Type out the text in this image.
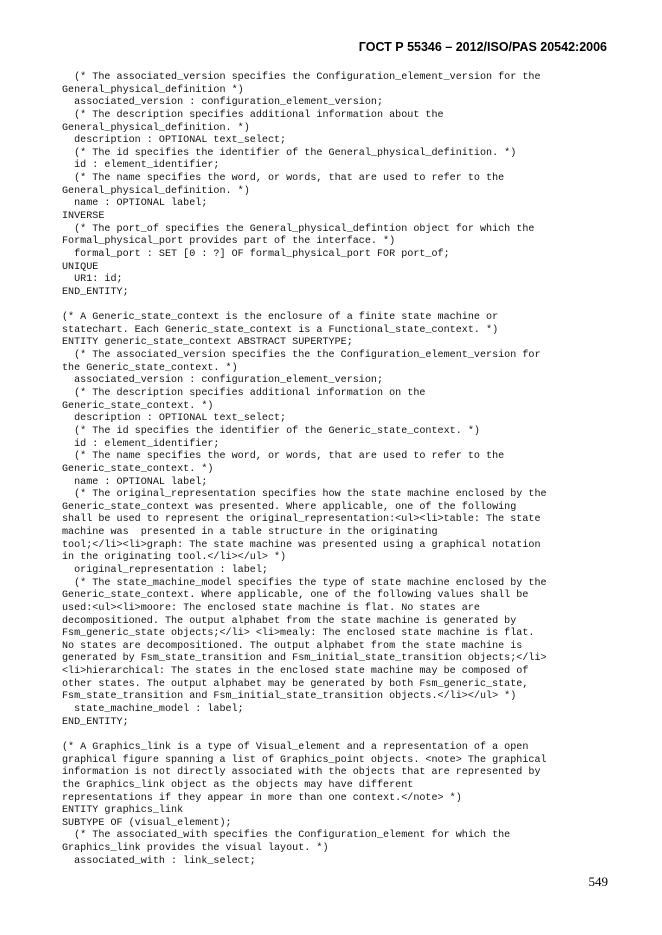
ГОСТ Р 55346 – 2012/ISO/PAS 20542:2006
(* The associated_version specifies the Configuration_element_version for the
General_physical_definition *)
associated_version : configuration_element_version;
(* The description specifies additional information about the
General_physical_definition. *)
description : OPTIONAL text_select;
(* The id specifies the identifier of the General_physical_definition. *)
id : element_identifier;
(* The name specifies the word, or words, that are used to refer to the
General_physical_definition. *)
name : OPTIONAL label;
INVERSE
(* The port_of specifies the General_physical_defintion object for which the
Formal_physical_port provides part of the interface. *)
formal_port : SET [0 : ?] OF formal_physical_port FOR port_of;
UNIQUE
UR1: id;
END_ENTITY;
(* A Generic_state_context is the enclosure of a finite state machine or
statechart. Each Generic_state_context is a Functional_state_context. *)
ENTITY generic_state_context ABSTRACT SUPERTYPE;
(* The associated_version specifies the the Configuration_element_version for
the Generic_state_context. *)
associated_version : configuration_element_version;
(* The description specifies additional information on the
Generic_state_context. *)
description : OPTIONAL text_select;
(* The id specifies the identifier of the Generic_state_context. *)
id : element_identifier;
(* The name specifies the word, or words, that are used to refer to the
Generic_state_context. *)
name : OPTIONAL label;
(* The original_representation specifies how the state machine enclosed by the
Generic_state_context was presented. Where applicable, one of the following
shall be used to represent the original_representation:<ul><li>table: The state
machine was  presented in a table structure in the originating
tool;</li><li>graph: The state machine was presented using a graphical notation
in the originating tool.</li></ul> *)
original_representation : label;
(* The state_machine_model specifies the type of state machine enclosed by the
Generic_state_context. Where applicable, one of the following values shall be
used:<ul><li>moore: The enclosed state machine is flat. No states are
decompositioned. The output alphabet from the state machine is generated by
Fsm_generic_state objects;</li> <li>mealy: The enclosed state machine is flat.
No states are decompositioned. The output alphabet from the state machine is
generated by Fsm_state_transition and Fsm_initial_state_transition objects;</li>
<li>hierarchical: The states in the enclosed state machine may be composed of
other states. The output alphabet may be generated by both Fsm_generic_state,
Fsm_state_transition and Fsm_initial_state_transition objects.</li></ul> *)
state_machine_model : label;
END_ENTITY;
(* A Graphics_link is a type of Visual_element and a representation of a open
graphical figure spanning a list of Graphics_point objects. <note> The graphical
information is not directly associated with the objects that are represented by
the Graphics_link object as the objects may have different
representations if they appear in more than one context.</note> *)
ENTITY graphics_link
SUBTYPE OF (visual_element);
(* The associated_with specifies the Configuration_element for which the
Graphics_link provides the visual layout. *)
associated_with : link_select;
549
